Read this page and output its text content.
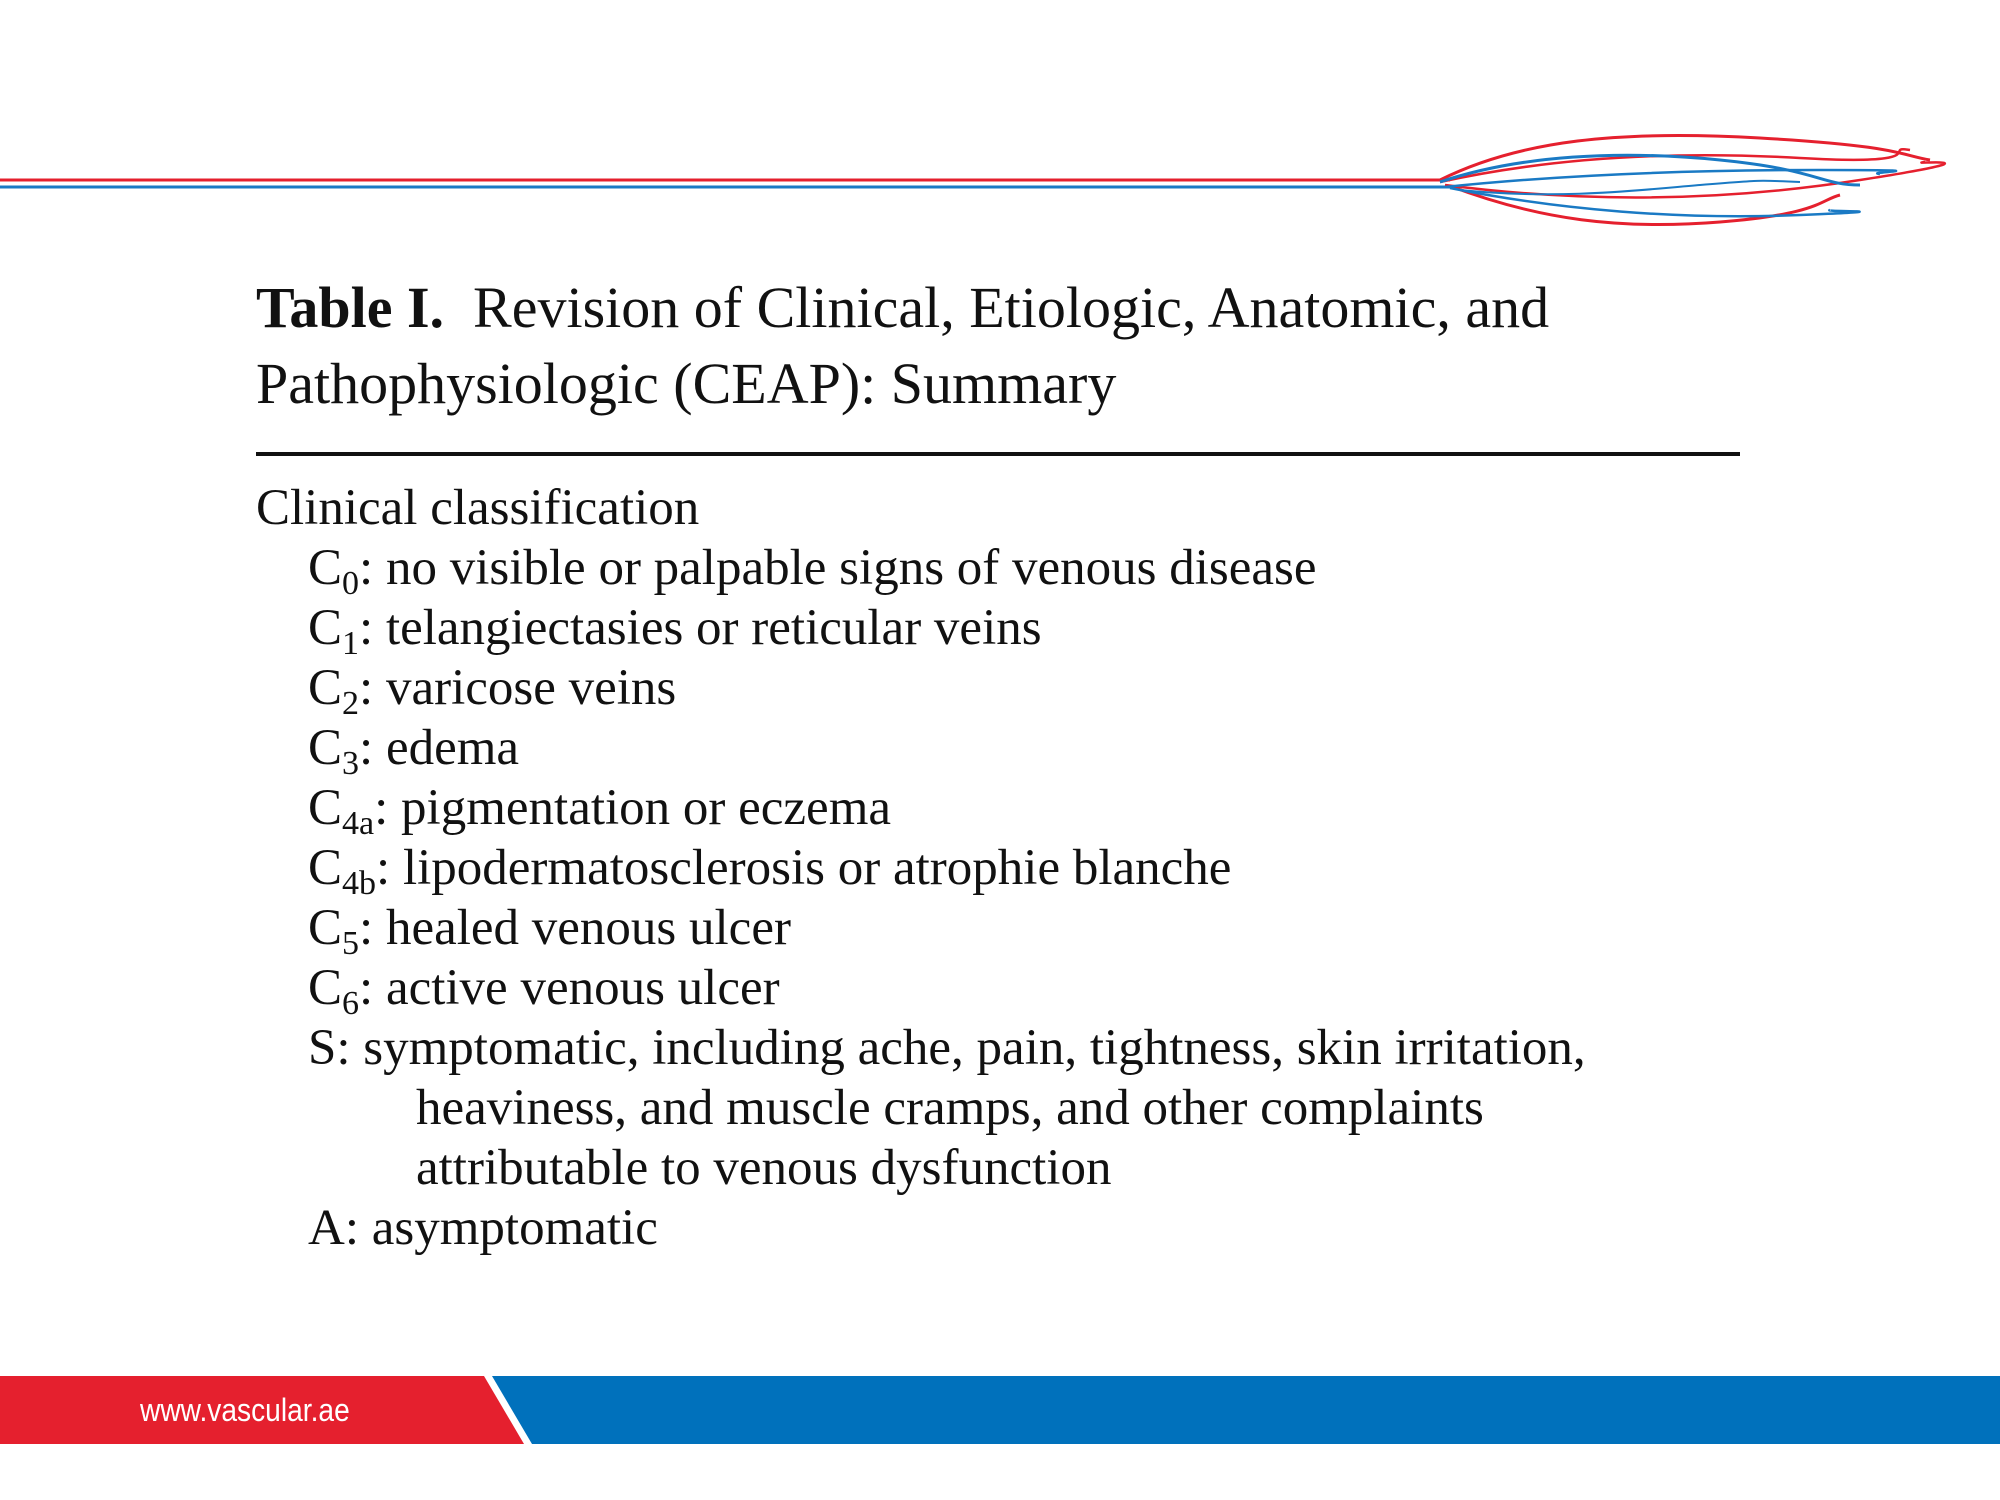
Table I. Revision of Clinical, Etiologic, Anatomic, and Pathophysiologic (CEAP): Summary
Clinical classification
$C_0$: no visible or palpable signs of venous disease
$C_1$: telangiectasies or reticular veins
$C_2$: varicose veins
$C_3$: edema
$C_{4a}$: pigmentation or eczema
$C_{4b}$: lipodermatosclerosis or atrophie blanche
$C_5$: healed venous ulcer
$C_6$: active venous ulcer
S: symptomatic, including ache, pain, tightness, skin irritation,
heaviness, and muscle cramps, and other complaints
attributable to venous dysfunction
A: asymptomatic
www.vascular.ae
